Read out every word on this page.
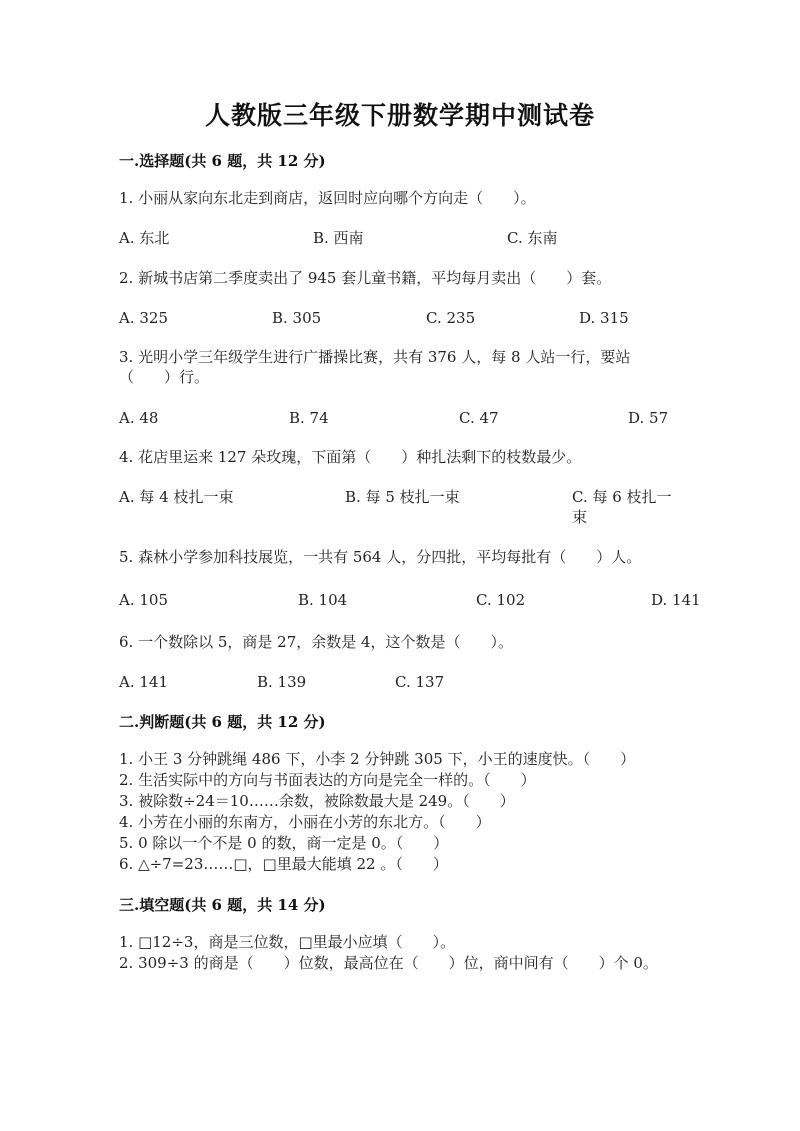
人教版三年级下册数学期中测试卷
一.选择题(共 6 题，共 12 分)
1. 小丽从家向东北走到商店，返回时应向哪个方向走（　　）。
A. 东北	B. 西南	C. 东南
2. 新城书店第二季度卖出了 945 套儿童书籍，平均每月卖出（　　）套。
A. 325	B. 305	C. 235	D. 315
3. 光明小学三年级学生进行广播操比赛，共有 376 人，每 8 人站一行，要站（　　）行。
A. 48	B. 74	C. 47	D. 57
4. 花店里运来 127 朵玫瑰，下面第（　　）种扎法剩下的枝数最少。
A. 每 4 枝扎一束	B. 每 5 枝扎一束	C. 每 6 枝扎一束
5. 森林小学参加科技展览，一共有 564 人，分四批，平均每批有（　　）人。
A. 105	B. 104	C. 102	D. 141
6. 一个数除以 5，商是 27，余数是 4，这个数是（　　）。
A. 141	B. 139	C. 137
二.判断题(共 6 题，共 12 分)
1. 小王 3 分钟跳绳 486 下，小李 2 分钟跳 305 下，小王的速度快。（　　）
2. 生活实际中的方向与书面表达的方向是完全一样的。（　　）
3. 被除数÷24＝10……余数，被除数最大是 249。（　　）
4. 小芳在小丽的东南方，小丽在小芳的东北方。（　　）
5. 0 除以一个不是 0 的数，商一定是 0。（　　）
6. △÷7=23……□，□里最大能填 22 。（　　）
三.填空题(共 6 题，共 14 分)
1. □12÷3，商是三位数，□里最小应填（　　）。
2. 309÷3 的商是（　　）位数，最高位在（　　）位，商中间有（　　）个 0。
